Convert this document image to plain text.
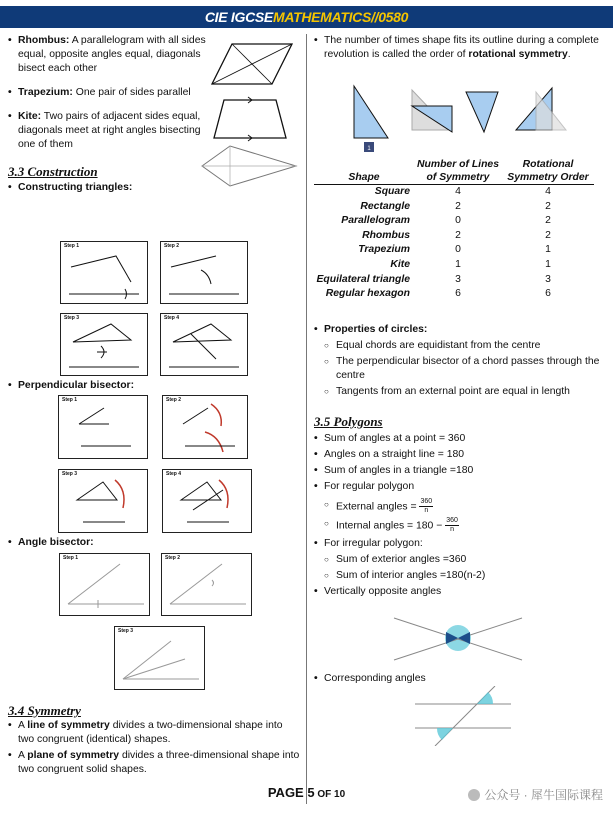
CIE IGCSE MATHEMATICS//0580
• Rhombus: A parallelogram with all sides equal, opposite angles equal, diagonals bisect each other
• Trapezium: One pair of sides parallel
• Kite: Two pairs of adjacent sides equal, diagonals meet at right angles bisecting one of them
3.3 Construction
• Constructing triangles:
Step 1	Step 2
Step 3	Step 4
• Perpendicular bisector:
Step 1	Step 2
Step 3	Step 4
• Angle bisector:
Step 1	Step 2
Step 3
3.4 Symmetry
• A line of symmetry divides a two-dimensional shape into two congruent (identical) shapes.
• A plane of symmetry divides a three-dimensional shape into two congruent solid shapes.
• The number of times shape fits its outline during a complete revolution is called the order of rotational symmetry.
1
Shape	Number of Lines of Symmetry	Rotational Symmetry Order
Square	4	4
Rectangle	2	2
Parallelogram	0	2
Rhombus	2	2
Trapezium	0	1
Kite	1	1
Equilateral triangle	3	3
Regular hexagon	6	6
• Properties of circles:
○ Equal chords are equidistant from the centre
○ The perpendicular bisector of a chord passes through the centre
○ Tangents from an external point are equal in length
3.5 Polygons
• Sum of angles at a point = 360
• Angles on a straight line = 180
• Sum of angles in a triangle =180
• For regular polygon
○ External angles = $\frac{360}{n}$
○ Internal angles = $180 - \frac{360}{n}$
• For irregular polygon:
○ Sum of exterior angles =360
○ Sum of interior angles =180(n-2)
• Vertically opposite angles
• Corresponding angles
PAGE 5 OF 10	公众号 · 犀牛国际课程
